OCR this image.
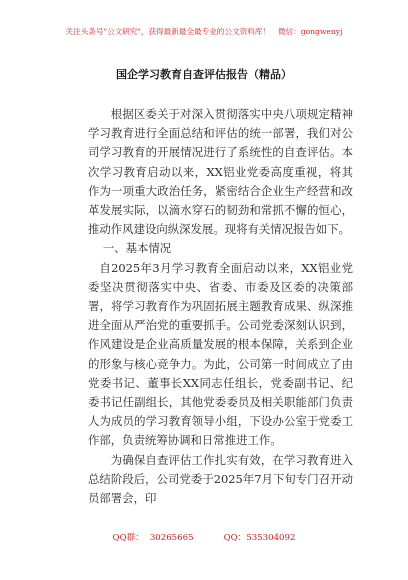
关注头条号"公文研究"，获得最新最全最专业的公文资料库！ 微信：gongwenyj
国企学习教育自查评估报告（精品）

根据区委关于对深入贯彻落实中央八项规定精神学习教育进行全面总结和评估的统一部署，我们对公司学习教育的开展情况进行了系统性的自查评估。本次学习教育启动以来，XX铝业党委高度重视，将其作为一项重大政治任务，紧密结合企业生产经营和改革发展实际，以滴水穿石的韧劲和常抓不懈的恒心，推动作风建设向纵深发展。现将有关情况报告如下。

一、基本情况

自2025年3月学习教育全面启动以来，XX铝业党委坚决贯彻落实中央、省委、市委及区委的决策部署，将学习教育作为巩固拓展主题教育成果、纵深推进全面从严治党的重要抓手。公司党委深刻认识到，作风建设是企业高质量发展的根本保障，关系到企业的形象与核心竞争力。为此，公司第一时间成立了由党委书记、董事长XX同志任组长，党委副书记、纪委书记任副组长，其他党委委员及相关职能部门负责人为成员的学习教育领导小组，下设办公室于党委工作部，负责统筹协调和日常推进工作。

为确保自查评估工作扎实有效，在学习教育进入总结阶段后，公司党委于2025年7月下旬专门召开动员部署会，印

QQ群： 30265665	QQ：535304092
